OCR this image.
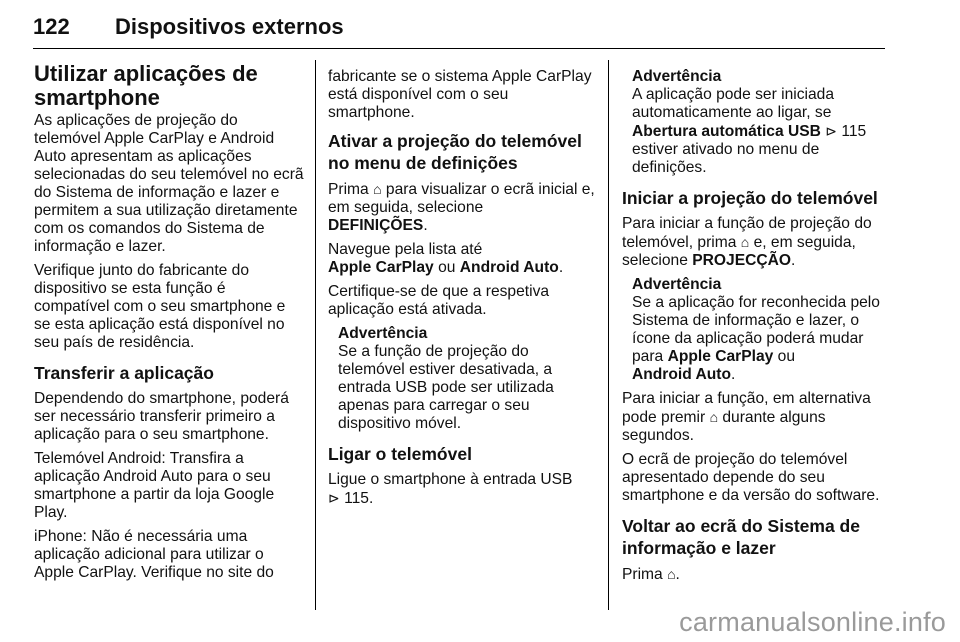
122 Dispositivos externos
Utilizar aplicações de smartphone

As aplicações de projeção do telemóvel Apple CarPlay e Android Auto apresentam as aplicações selecionadas do seu telemóvel no ecrã do Sistema de informação e lazer e permitem a sua utilização diretamente com os comandos do Sistema de informação e lazer.

Verifique junto do fabricante do dispositivo se esta função é compatível com o seu smartphone e se esta aplicação está disponível no seu país de residência.

Transferir a aplicação

Dependendo do smartphone, poderá ser necessário transferir primeiro a aplicação para o seu smartphone.

Telemóvel Android: Transfira a aplicação Android Auto para o seu smartphone a partir da loja Google Play.

iPhone: Não é necessária uma aplicação adicional para utilizar o Apple CarPlay. Verifique no site do

fabricante se o sistema Apple CarPlay está disponível com o seu smartphone.

Ativar a projeção do telemóvel no menu de definições

Prima ⌂ para visualizar o ecrã inicial e, em seguida, selecione
DEFINIÇÕES.

Navegue pela lista até
Apple CarPlay ou Android Auto.

Certifique-se de que a respetiva aplicação está ativada.

Advertência

Se a função de projeção do telemóvel estiver desativada, a entrada USB pode ser utilizada apenas para carregar o seu dispositivo móvel.

Ligar o telemóvel

Ligue o smartphone à entrada USB
⊳ 115.

Advertência

A aplicação pode ser iniciada automaticamente ao ligar, se
Abertura automática USB ⊳ 115 estiver ativado no menu de definições.

Iniciar a projeção do telemóvel

Para iniciar a função de projeção do telemóvel, prima ⌂ e, em seguida, selecione PROJECÇÃO.

Advertência

Se a aplicação for reconhecida pelo Sistema de informação e lazer, o ícone da aplicação poderá mudar para Apple CarPlay ou
Android Auto.

Para iniciar a função, em alternativa pode premir ⌂ durante alguns segundos.

O ecrã de projeção do telemóvel apresentado depende do seu smartphone e da versão do software.

Voltar ao ecrã do Sistema de informação e lazer

Prima ⌂.

carmanualsonline.info
